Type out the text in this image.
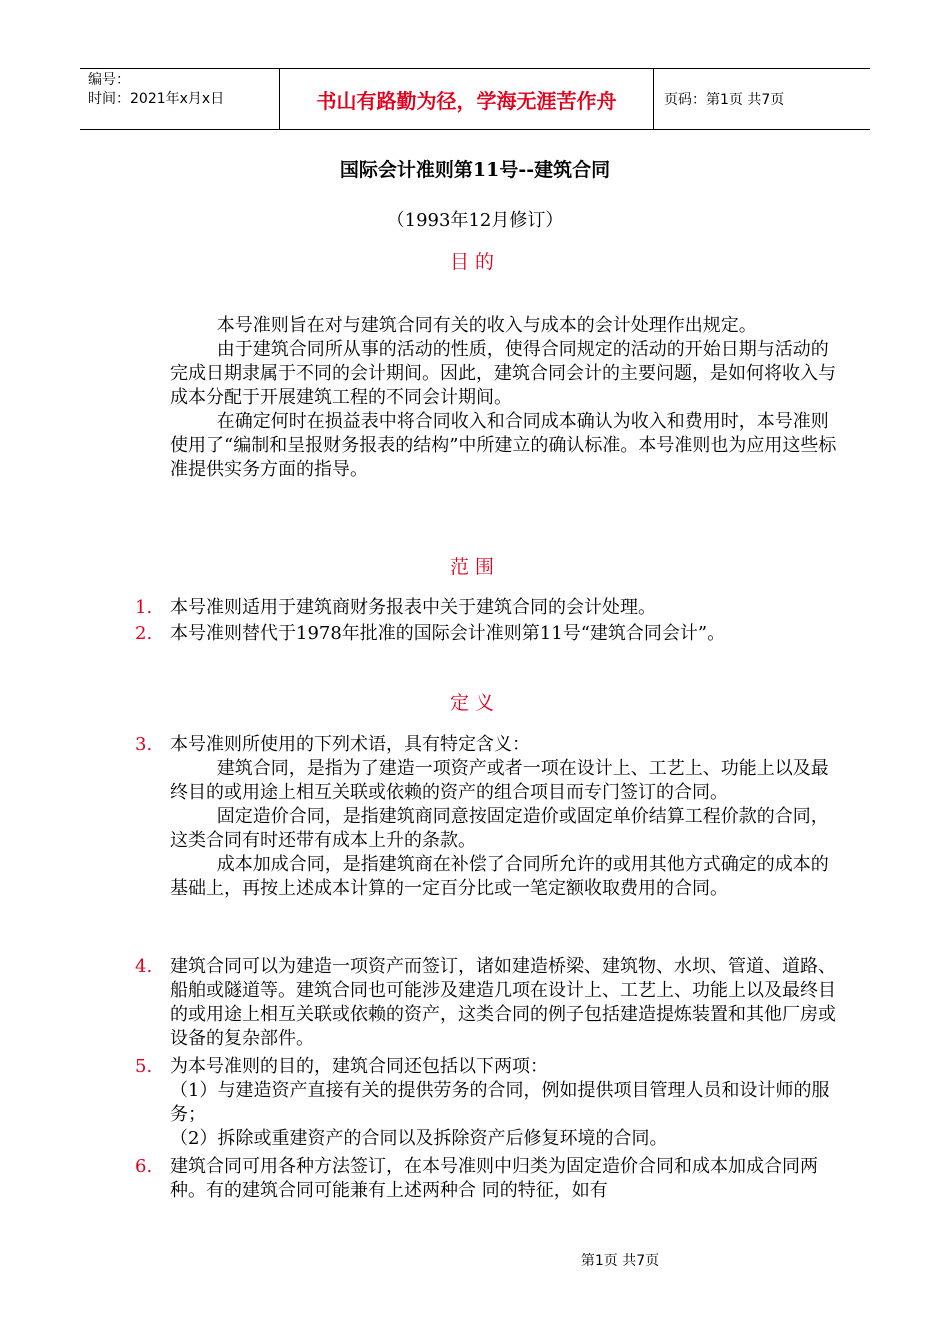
编号：
时间：2021年x月x日	书山有路勤为径，学海无涯苦作舟	页码：第1页 共7页
国际会计准则第11号--建筑合同
（1993年12月修订）
目的

本号准则旨在对与建筑合同有关的收入与成本的会计处理作出规定。

由于建筑合同所从事的活动的性质，使得合同规定的活动的开始日期与活动的完成日期隶属于不同的会计期间。因此，建筑合同会计的主要问题，是如何将收入与成本分配于开展建筑工程的不同会计期间。

在确定何时在损益表中将合同收入和合同成本确认为收入和费用时，本号准则使用了“编制和呈报财务报表的结构”中所建立的确认标准。本号准则也为应用这些标准提供实务方面的指导。

范围
1. 本号准则适用于建筑商财务报表中关于建筑合同的会计处理。
2. 本号准则替代于1978年批准的国际会计准则第11号“建筑合同会计”。
定义
3. 本号准则所使用的下列术语，具有特定含义：

建筑合同，是指为了建造一项资产或者一项在设计上、工艺上、功能上以及最终目的或用途上相互关联或依赖的资产的组合项目而专门签订的合同。

固定造价合同，是指建筑商同意按固定造价或固定单价结算工程价款的合同，这类合同有时还带有成本上升的条款。

成本加成合同，是指建筑商在补偿了合同所允许的或用其他方式确定的成本的基础上，再按上述成本计算的一定百分比或一笔定额收取费用的合同。

4. 建筑合同可以为建造一项资产而签订，诸如建造桥梁、建筑物、水坝、管道、道路、船舶或隧道等。建筑合同也可能涉及建造几项在设计上、工艺上、功能上以及最终目的或用途上相互关联或依赖的资产，这类合同的例子包括建造提炼装置和其他厂房或设备的复杂部件。
5. 为本号准则的目的，建筑合同还包括以下两项：

（1）与建造资产直接有关的提供劳务的合同，例如提供项目管理人员和设计师的服务；

（2）拆除或重建资产的合同以及拆除资产后修复环境的合同。

6. 建筑合同可用各种方法签订，在本号准则中归类为固定造价合同和成本加成合同两种。有的建筑合同可能兼有上述两种合 同的特征，如有
第1页 共7页
